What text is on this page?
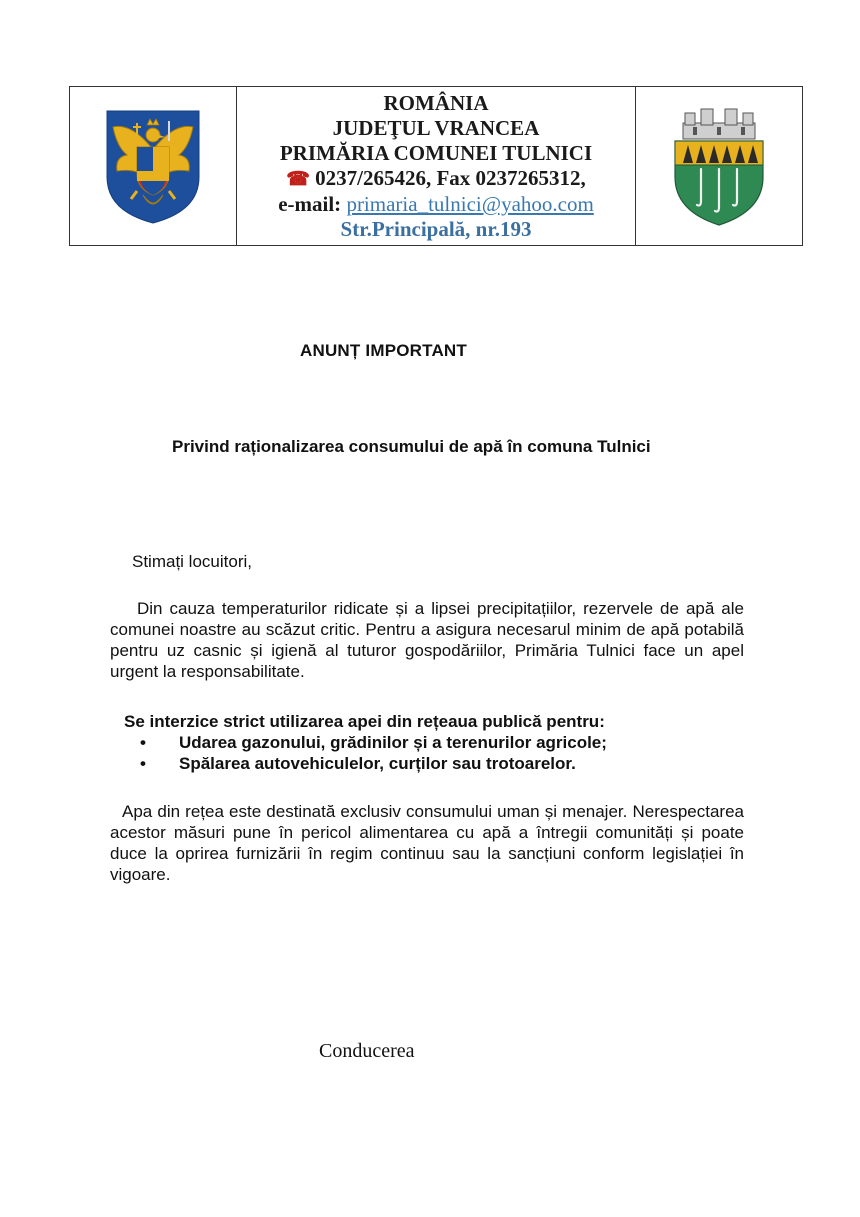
ROMÂNIA
JUDEŢUL VRANCEA
PRIMĂRIA COMUNEI TULNICI
☎ 0237/265426, Fax 0237265312,
e-mail: primaria_tulnici@yahoo.com
Str.Principală, nr.193
ANUNȚ IMPORTANT
Privind raționalizarea consumului de apă în comuna Tulnici
Stimați locuitori,
Din cauza temperaturilor ridicate și a lipsei precipitațiilor, rezervele de apă ale comunei noastre au scăzut critic. Pentru a asigura necesarul minim de apă potabilă pentru uz casnic și igienă al tuturor gospodăriilor, Primăria Tulnici face un apel urgent la responsabilitate.
Se interzice strict utilizarea apei din rețeaua publică pentru:
•	Udarea gazonului, grădinilor și a terenurilor agricole;
•	Spălarea autovehiculelor, curților sau trotoarelor.
Apa din rețea este destinată exclusiv consumului uman și menajer. Nerespectarea acestor măsuri pune în pericol alimentarea cu apă a întregii comunități și poate duce la oprirea furnizării în regim continuu sau la sancțiuni conform legislației în vigoare.
Conducerea
